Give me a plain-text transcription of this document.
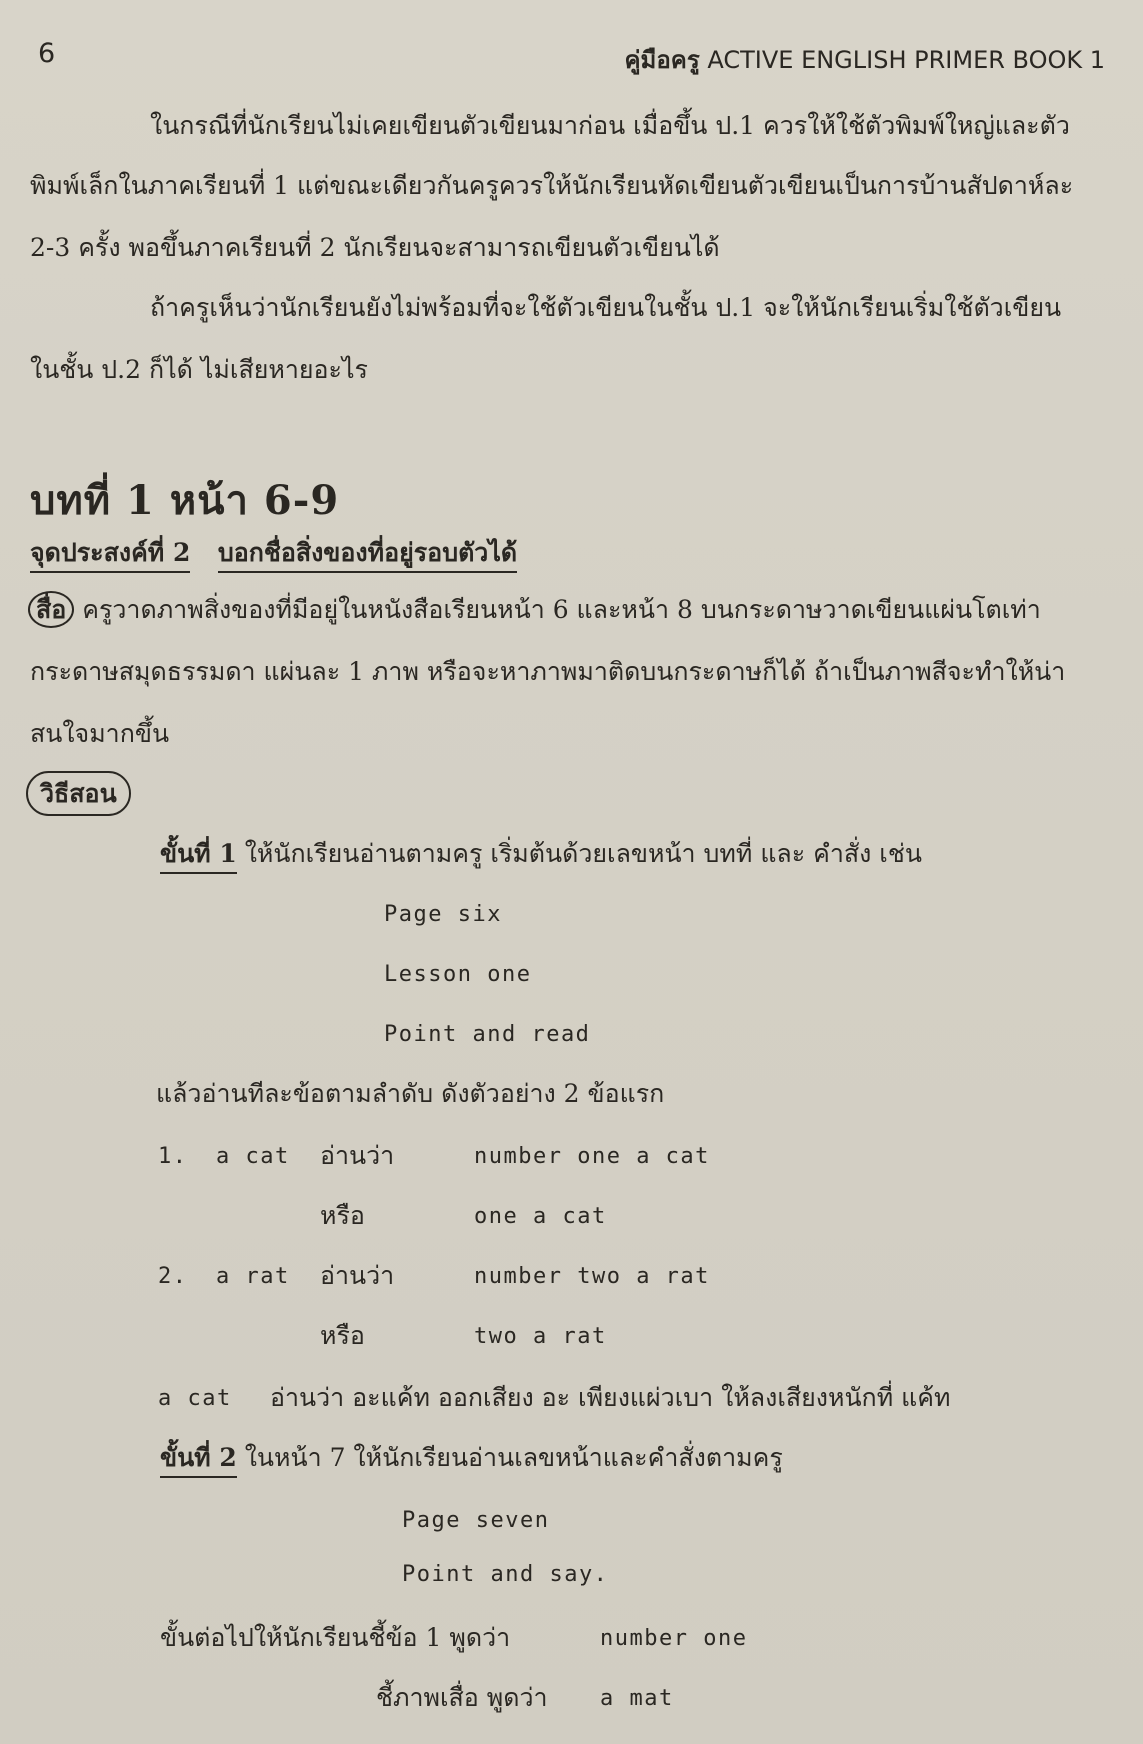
6	คู่มือครู ACTIVE ENGLISH PRIMER BOOK 1
ในกรณีที่นักเรียนไม่เคยเขียนตัวเขียนมาก่อน เมื่อขึ้น ป.1 ควรให้ใช้ตัวพิมพ์ใหญ่และตัว
พิมพ์เล็กในภาคเรียนที่ 1 แต่ขณะเดียวกันครูควรให้นักเรียนหัดเขียนตัวเขียนเป็นการบ้านสัปดาห์ละ
2-3 ครั้ง พอขึ้นภาคเรียนที่ 2 นักเรียนจะสามารถเขียนตัวเขียนได้
ถ้าครูเห็นว่านักเรียนยังไม่พร้อมที่จะใช้ตัวเขียนในชั้น ป.1 จะให้นักเรียนเริ่มใช้ตัวเขียน
ในชั้น ป.2 ก็ได้ ไม่เสียหายอะไร
บทที่ 1 หน้า 6-9
จุดประสงค์ที่ 2 บอกชื่อสิ่งของที่อยู่รอบตัวได้
สื่อ ครูวาดภาพสิ่งของที่มีอยู่ในหนังสือเรียนหน้า 6 และหน้า 8 บนกระดาษวาดเขียนแผ่นโตเท่า
กระดาษสมุดธรรมดา แผ่นละ 1 ภาพ หรือจะหาภาพมาติดบนกระดาษก็ได้ ถ้าเป็นภาพสีจะทำให้น่า
สนใจมากขึ้น
วิธีสอน
ขั้นที่ 1 ให้นักเรียนอ่านตามครู เริ่มต้นด้วยเลขหน้า บทที่ และ คำสั่ง เช่น
Page six
Lesson one
Point and read
แล้วอ่านทีละข้อตามลำดับ ดังตัวอย่าง 2 ข้อแรก
1. a cat อ่านว่า	number one a cat
หรือ	one a cat
2. a rat อ่านว่า	number two a rat
หรือ	two a rat
a cat อ่านว่า อะแค้ท ออกเสียง อะ เพียงแผ่วเบา ให้ลงเสียงหนักที่ แค้ท
ขั้นที่ 2 ในหน้า 7 ให้นักเรียนอ่านเลขหน้าและคำสั่งตามครู
Page seven
Point and say.
ขั้นต่อไปให้นักเรียนชี้ข้อ 1 พูดว่า	number one
ชี้ภาพเสื่อ พูดว่า a mat
